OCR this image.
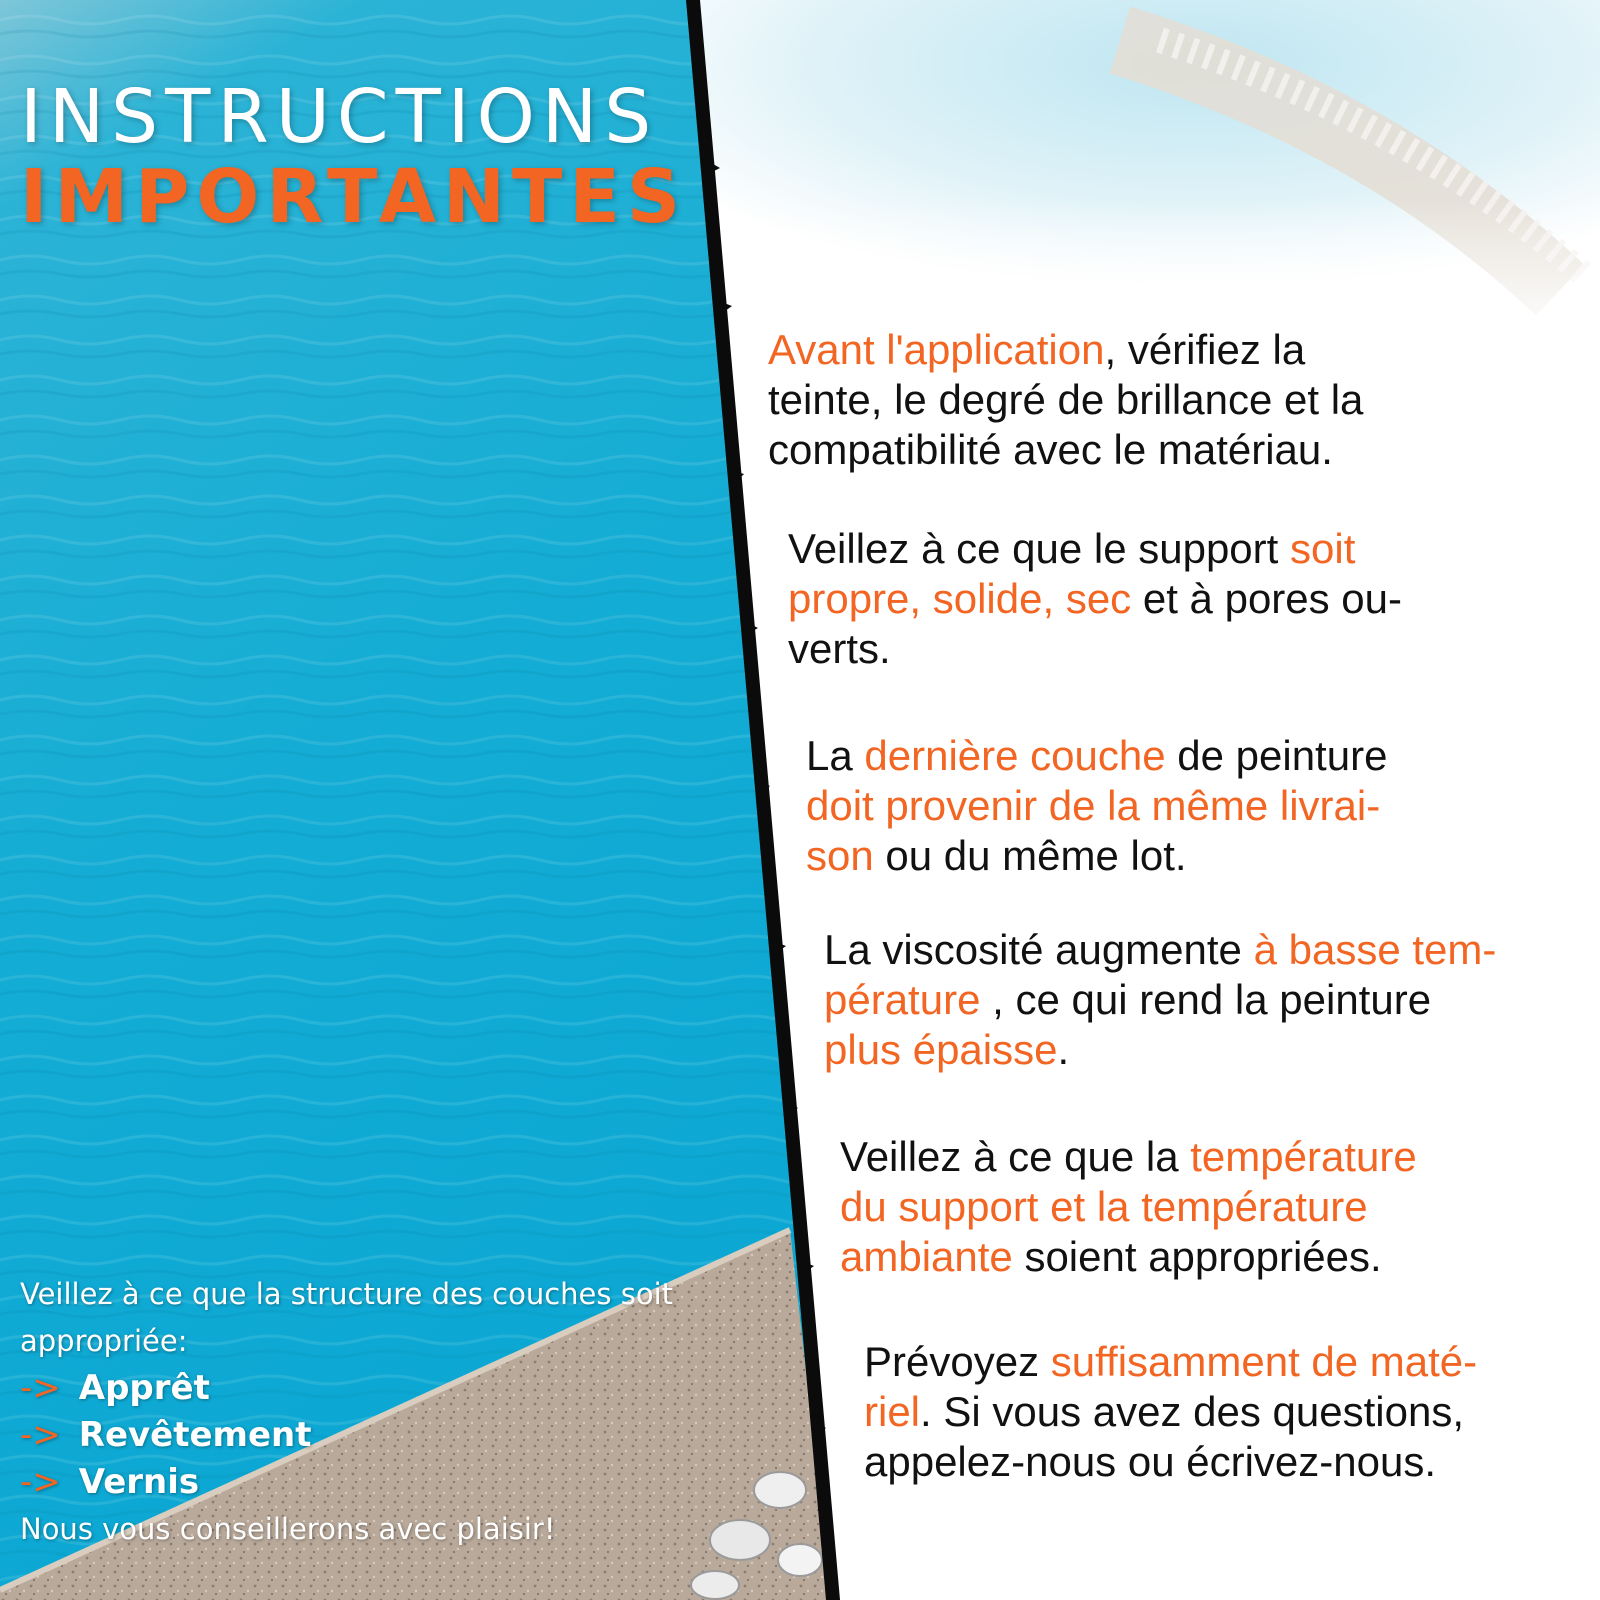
INSTRUCTIONS
IMPORTANTES
Avant l'application, vérifiez la
teinte, le degré de brillance et la
compatibilité avec le matériau.
Veillez à ce que le support soit
propre, solide, sec et à pores ou-
verts.
La dernière couche de peinture
doit provenir de la même livrai-
son ou du même lot.
La viscosité augmente à basse tem-
pérature , ce qui rend la peinture
plus épaisse.
Veillez à ce que la température
du support et la température
ambiante soient appropriées.
Prévoyez suffisamment de maté-
riel. Si vous avez des questions,
appelez-nous ou écrivez-nous.
Veillez à ce que la structure des couches soit
appropriée:
-> Apprêt
-> Revêtement
-> Vernis
Nous vous conseillerons avec plaisir!
